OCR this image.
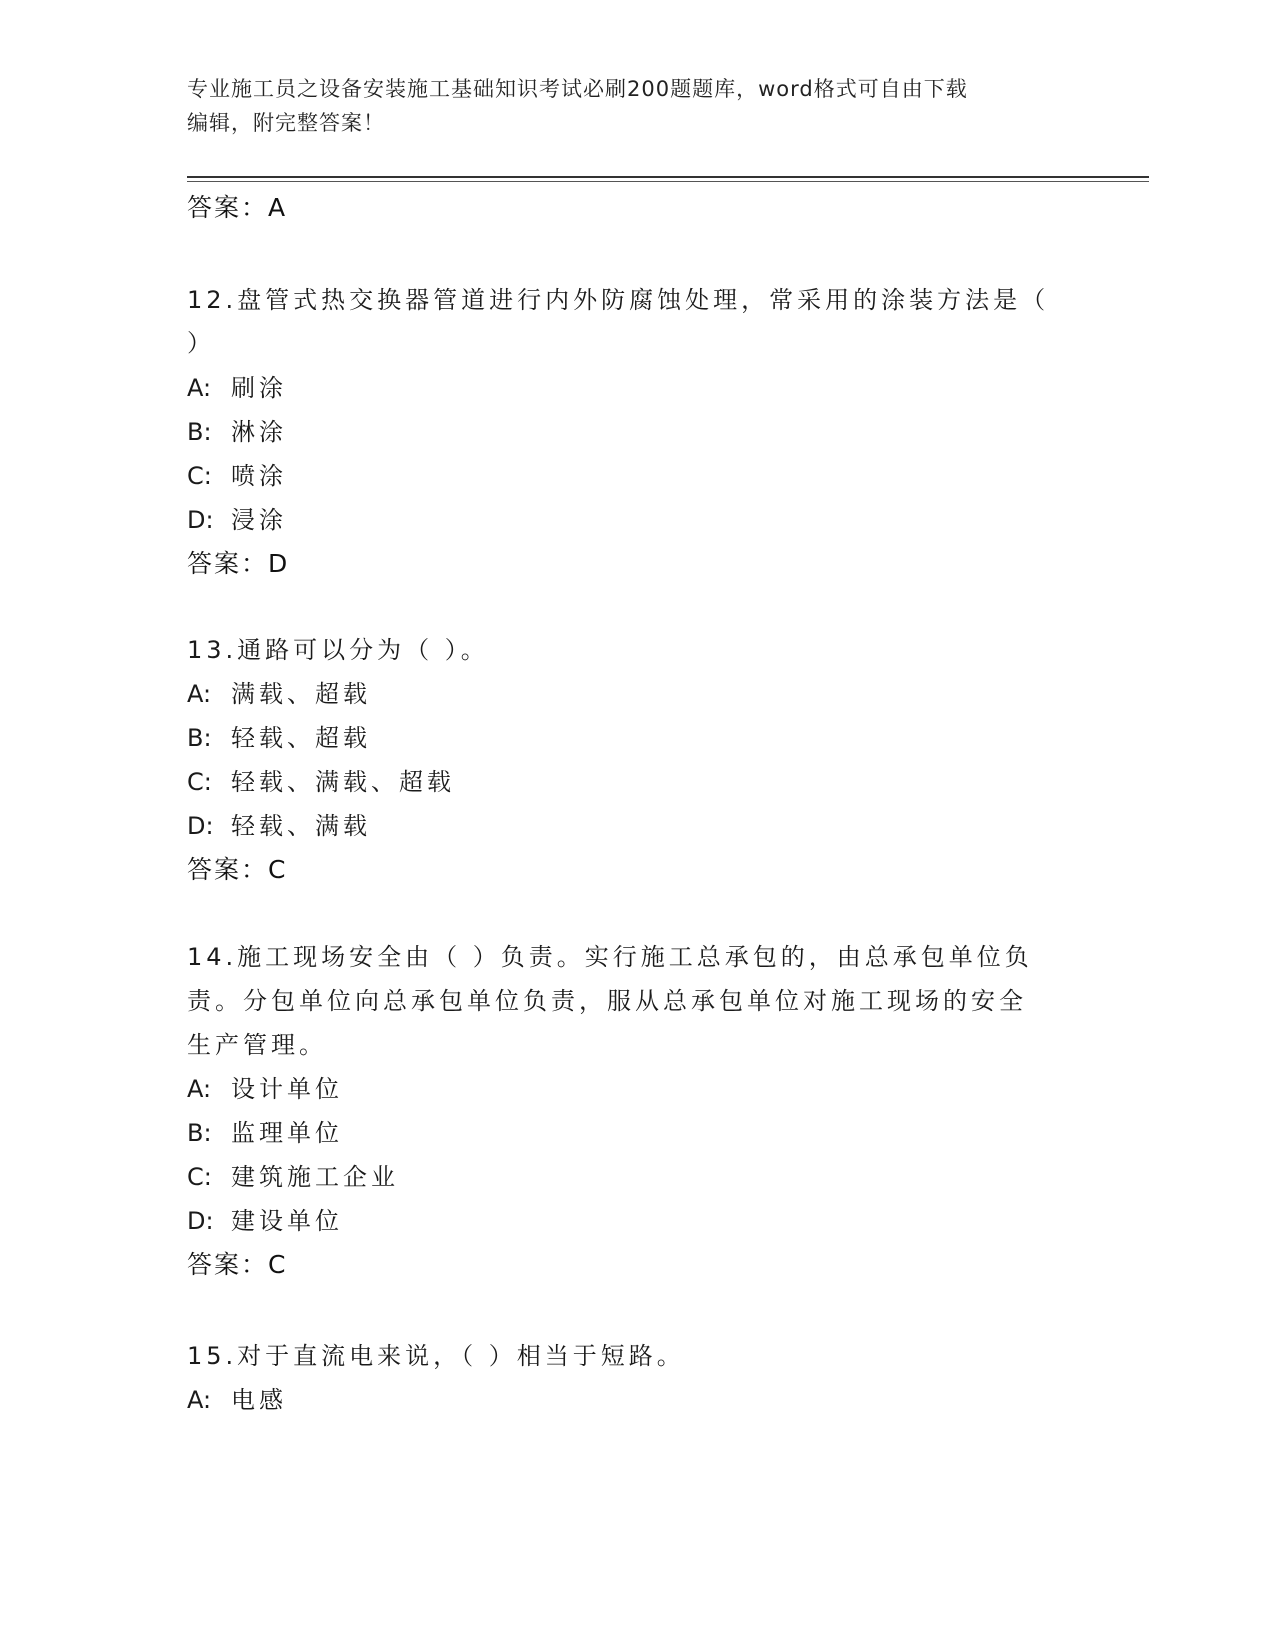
专业施工员之设备安装施工基础知识考试必刷200题题库，word格式可自由下载
编辑，附完整答案！
答案：A
12.盘管式热交换器管道进行内外防腐蚀处理，常采用的涂装方法是（
）
A: 刷涂
B: 淋涂
C: 喷涂
D: 浸涂
答案：D
13.通路可以分为（ ）。
A: 满载、超载
B: 轻载、超载
C: 轻载、满载、超载
D: 轻载、满载
答案：C
14.施工现场安全由（ ）负责。实行施工总承包的，由总承包单位负
责。分包单位向总承包单位负责，服从总承包单位对施工现场的安全
生产管理。
A: 设计单位
B: 监理单位
C: 建筑施工企业
D: 建设单位
答案：C
15.对于直流电来说，（ ）相当于短路。
A: 电感
